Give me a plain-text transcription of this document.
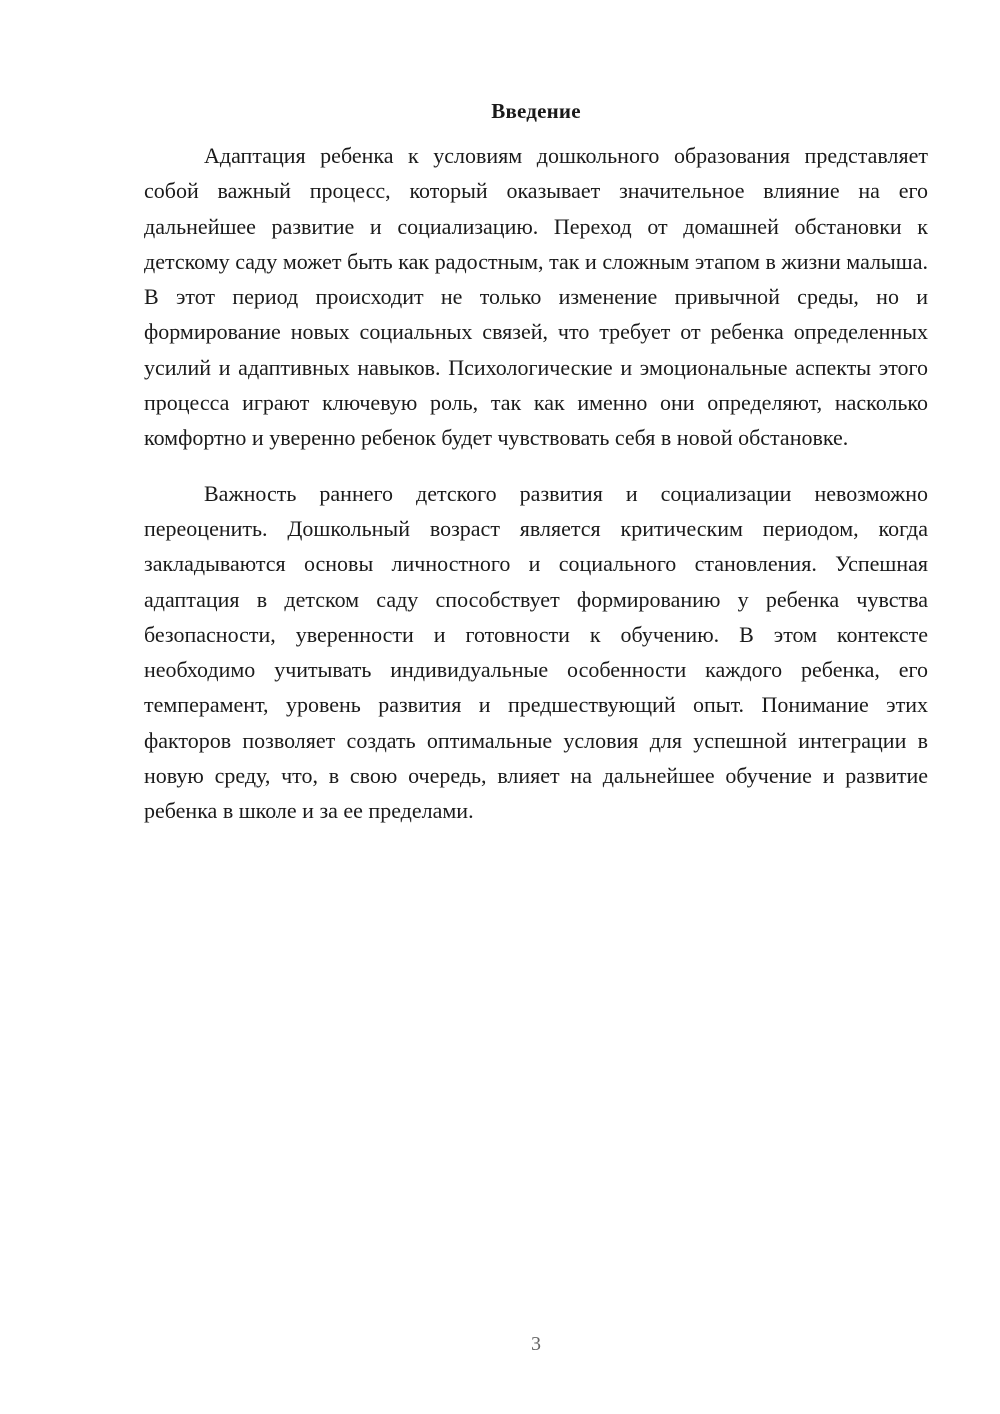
Введение

Адаптация ребенка к условиям дошкольного образования представляет собой важный процесс, который оказывает значительное влияние на его дальнейшее развитие и социализацию. Переход от домашней обстановки к детскому саду может быть как радостным, так и сложным этапом в жизни малыша. В этот период происходит не только изменение привычной среды, но и формирование новых социальных связей, что требует от ребенка определенных усилий и адаптивных навыков. Психологические и эмоциональные аспекты этого процесса играют ключевую роль, так как именно они определяют, насколько комфортно и уверенно ребенок будет чувствовать себя в новой обстановке.

Важность раннего детского развития и социализации невозможно переоценить. Дошкольный возраст является критическим периодом, когда закладываются основы личностного и социального становления. Успешная адаптация в детском саду способствует формированию у ребенка чувства безопасности, уверенности и готовности к обучению. В этом контексте необходимо учитывать индивидуальные особенности каждого ребенка, его темперамент, уровень развития и предшествующий опыт. Понимание этих факторов позволяет создать оптимальные условия для успешной интеграции в новую среду, что, в свою очередь, влияет на дальнейшее обучение и развитие ребенка в школе и за ее пределами.

3
